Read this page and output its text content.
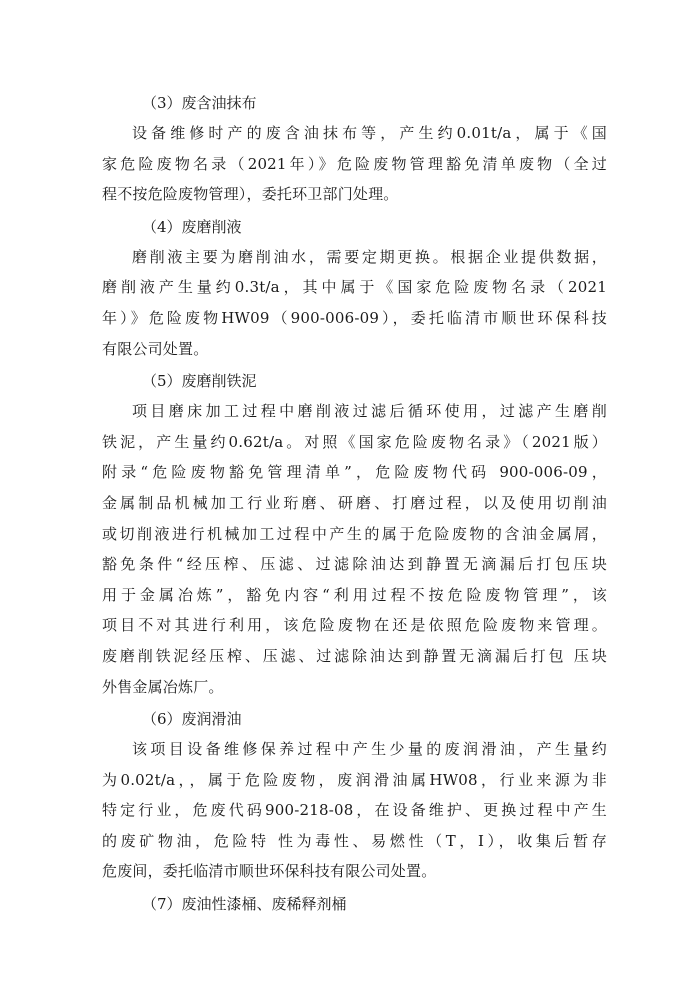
（3）废含油抹布
设备维修时产的废含油抹布等，产生约0.01t/a，属于《国
家危险废物名录（2021年）》危险废物管理豁免清单废物（全过
程不按危险废物管理），委托环卫部门处理。
（4）废磨削液
磨削液主要为磨削油水，需要定期更换。根据企业提供数据，
磨削液产生量约0.3t/a，其中属于《国家危险废物名录（2021
年）》危险废物HW09（900-006-09），委托临清市顺世环保科技
有限公司处置。
（5）废磨削铁泥
项目磨床加工过程中磨削液过滤后循环使用，过滤产生磨削
铁泥，产生量约0.62t/a。对照《国家危险废物名录》（2021版）
附录“危险废物豁免管理清单”，危险废物代码 900-006-09，
金属制品机械加工行业珩磨、研磨、打磨过程，以及使用切削油
或切削液进行机械加工过程中产生的属于危险废物的含油金属屑，
豁免条件“经压榨、压滤、过滤除油达到静置无滴漏后打包压块
用于金属冶炼”，豁免内容“利用过程不按危险废物管理”，该
项目不对其进行利用，该危险废物在还是依照危险废物来管理。
废磨削铁泥经压榨、压滤、过滤除油达到静置无滴漏后打包 压块
外售金属冶炼厂。
（6）废润滑油
该项目设备维修保养过程中产生少量的废润滑油，产生量约
为0.02t/a，，属于危险废物，废润滑油属HW08，行业来源为非
特定行业，危废代码900-218-08，在设备维护、更换过程中产生
的废矿物油，危险特 性为毒性、易燃性（T，I），收集后暂存
危废间，委托临清市顺世环保科技有限公司处置。
（7）废油性漆桶、废稀释剂桶
